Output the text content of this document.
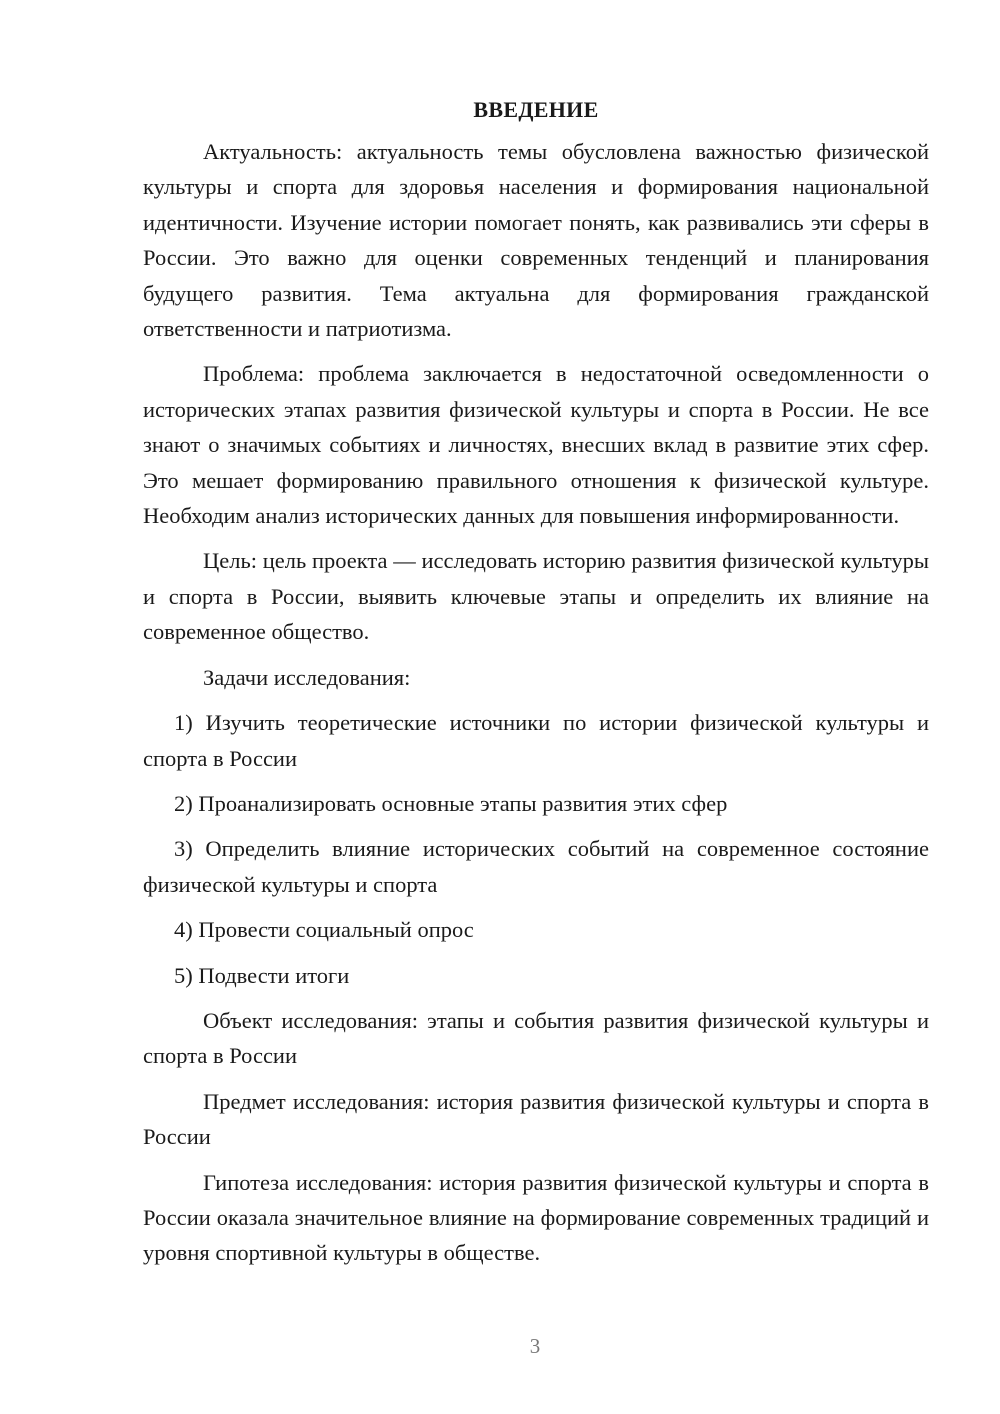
ВВЕДЕНИЕ

Актуальность: актуальность темы обусловлена важностью физической культуры и спорта для здоровья населения и формирования национальной идентичности. Изучение истории помогает понять, как развивались эти сферы в России. Это важно для оценки современных тенденций и планирования будущего развития. Тема актуальна для формирования гражданской ответственности и патриотизма.

Проблема: проблема заключается в недостаточной осведомленности о исторических этапах развития физической культуры и спорта в России. Не все знают о значимых событиях и личностях, внесших вклад в развитие этих сфер. Это мешает формированию правильного отношения к физической культуре. Необходим анализ исторических данных для повышения информированности.

Цель: цель проекта — исследовать историю развития физической культуры и спорта в России, выявить ключевые этапы и определить их влияние на современное общество.

Задачи исследования:

1) Изучить теоретические источники по истории физической культуры и спорта в России

2) Проанализировать основные этапы развития этих сфер

3) Определить влияние исторических событий на современное состояние физической культуры и спорта

4) Провести социальный опрос

5) Подвести итоги

Объект исследования: этапы и события развития физической культуры и спорта в России

Предмет исследования: история развития физической культуры и спорта в России

Гипотеза исследования: история развития физической культуры и спорта в России оказала значительное влияние на формирование современных традиций и уровня спортивной культуры в обществе.

3
